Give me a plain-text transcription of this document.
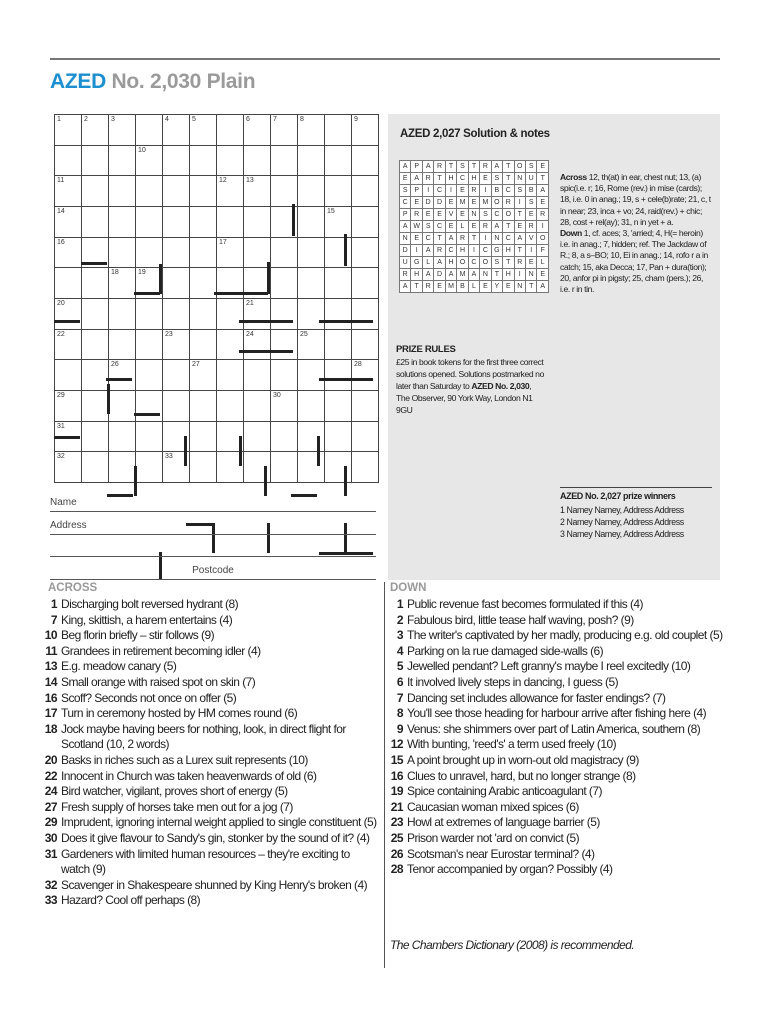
AZED No. 2,030 Plain
1	2	3		4	5		6	7	8		9

			10								

11						12	13				

14										15	

16						17					

		18	19								

20							21				

22				23			24		25		

		26			27						28

29								30			

31											

32				33							

AZED 2,027 Solution & notes
A	P	A	R	T	S	T	R	A	T	O	S	E
E	A	R	T	H	C	H	E	S	T	N	U	T
S	P	I	C	I	E	R	I	B	C	S	B	A
C	E	D	D	E	M	E	M	O	R	I	S	E
P	R	E	E	V	E	N	S	C	O	T	E	R
A	W	S	C	E	L	E	R	A	T	E	R	I
N	E	C	T	A	R	T	I	N	C	A	V	O
D	I	A	R	C	H	I	C	G	H	T	I	F
U	G	L	A	H	O	C	O	S	T	R	E	L
R	H	A	D	A	M	A	N	T	H	I	N	E
A	T	R	E	M	B	L	E	Y	E	N	T	A
Across 12, th(at) in ear, chest nut; 13, (a) spic(i.e. r; 16, Rome (rev.) in mise (cards); 18, i.e. 0 in anag.; 19, s + cele(b)rate; 21, c, t in near; 23, inca + vo; 24, raid(rev.) + chic; 28, cost + rel(ay); 31, n in yet + a.
Down 1, cf. aces; 3, 'arried; 4, H(= heroin) i.e. in anag.; 7, hidden; ref. The Jackdaw of R.; 8, a s–BO; 10, Ei in anag.; 14, rofo r a in catch; 15, aka Decca; 17, Pan + dura(tion); 20, anfor pi in pigsty; 25, cham (pers.); 26, i.e. r in tin.
PRIZE RULES
£25 in book tokens for the first three correct solutions opened. Solutions postmarked no later than Saturday to AZED No. 2,030, The Observer, 90 York Way, London N1 9GU
AZED No. 2,027 prize winners
1 Namey Namey, Address Address
2 Namey Namey, Address Address
3 Namey Namey, Address Address
Name
Address
Postcode
ACROSS
1 Discharging bolt reversed hydrant (8)
7 King, skittish, a harem entertains (4)
10 Beg florin briefly – stir follows (9)
11 Grandees in retirement becoming idler (4)
13 E.g. meadow canary (5)
14 Small orange with raised spot on skin (7)
16 Scoff? Seconds not once on offer (5)
17 Turn in ceremony hosted by HM comes round (6)
18 Jock maybe having beers for nothing, look, in direct flight for Scotland (10, 2 words)
20 Basks in riches such as a Lurex suit represents (10)
22 Innocent in Church was taken heavenwards of old (6)
24 Bird watcher, vigilant, proves short of energy (5)
27 Fresh supply of horses take men out for a jog (7)
29 Imprudent, ignoring internal weight applied to single constituent (5)
30 Does it give flavour to Sandy's gin, stonker by the sound of it? (4)
31 Gardeners with limited human resources – they're exciting to watch (9)
32 Scavenger in Shakespeare shunned by King Henry's broken (4)
33 Hazard? Cool off perhaps (8)
DOWN
1 Public revenue fast becomes formulated if this (4)
2 Fabulous bird, little tease half waving, posh? (9)
3 The writer's captivated by her madly, producing e.g. old couplet (5)
4 Parking on la rue damaged side-walls (6)
5 Jewelled pendant? Left granny's maybe I reel excitedly (10)
6 It involved lively steps in dancing, I guess (5)
7 Dancing set includes allowance for faster endings? (7)
8 You'll see those heading for harbour arrive after fishing here (4)
9 Venus: she shimmers over part of Latin America, southern (8)
12 With bunting, 'reed's' a term used freely (10)
15 A point brought up in worn-out old magistracy (9)
16 Clues to unravel, hard, but no longer strange (8)
19 Spice containing Arabic anticoagulant (7)
21 Caucasian woman mixed spices (6)
23 Howl at extremes of language barrier (5)
25 Prison warder not 'ard on convict (5)
26 Scotsman's near Eurostar terminal? (4)
28 Tenor accompanied by organ? Possibly (4)
The Chambers Dictionary (2008) is recommended.
